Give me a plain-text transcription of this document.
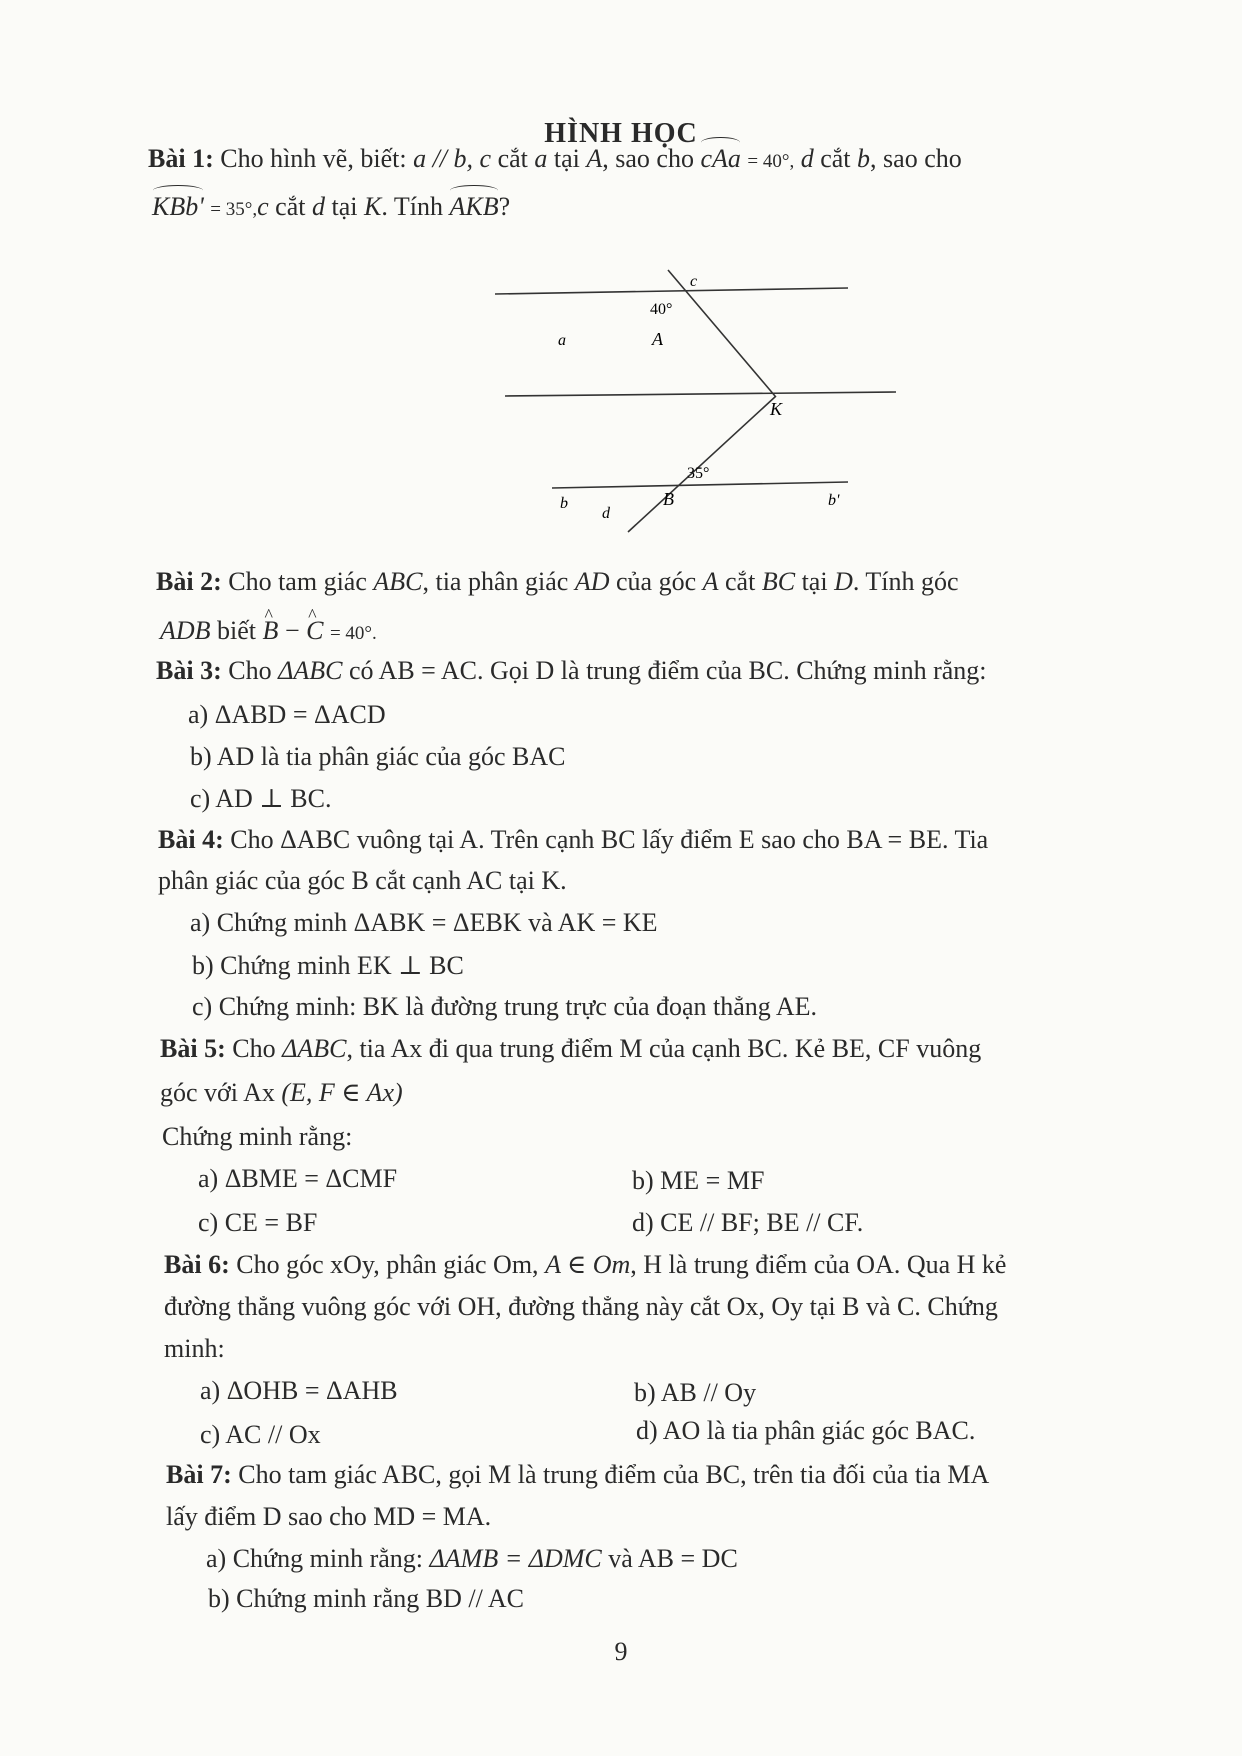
HÌNH HỌC
Bài 1: Cho hình vẽ, biết: a // b, c cắt a tại A, sao cho cAa = 40°, d cắt b, sao cho
KBb' = 35°,c cắt d tại K. Tính AKB?
c
40°
a	A
K
35°
b
d
B	b'
Bài 2: Cho tam giác ABC, tia phân giác AD của góc A cắt BC tại D. Tính góc
ADB biết ^ B − ^ C = 40°.
Bài 3: Cho ΔABC có AB = AC. Gọi D là trung điểm của BC. Chứng minh rằng:
a) ΔABD = ΔACD
b) AD là tia phân giác của góc BAC
c) AD ⊥ BC.
Bài 4: Cho ΔABC vuông tại A. Trên cạnh BC lấy điểm E sao cho BA = BE. Tia
phân giác của góc B cắt cạnh AC tại K.
a) Chứng minh ΔABK = ΔEBK và AK = KE
b) Chứng minh EK ⊥ BC
c) Chứng minh: BK là đường trung trực của đoạn thẳng AE.
Bài 5: Cho ΔABC, tia Ax đi qua trung điểm M của cạnh BC. Kẻ BE, CF vuông
góc với Ax (E, F ∈ Ax)
Chứng minh rằng:
a) ΔBME = ΔCMF	b) ME = MF
c) CE = BF	d) CE // BF; BE // CF.
Bài 6: Cho góc xOy, phân giác Om, A ∈ Om, H là trung điểm của OA. Qua H kẻ
đường thẳng vuông góc với OH, đường thẳng này cắt Ox, Oy tại B và C. Chứng
minh:
a) ΔOHB = ΔAHB	b) AB // Oy
c) AC // Ox	d) AO là tia phân giác góc BAC.
Bài 7: Cho tam giác ABC, gọi M là trung điểm của BC, trên tia đối của tia MA
lấy điểm D sao cho MD = MA.
a) Chứng minh rằng: ΔAMB = ΔDMC và AB = DC
b) Chứng minh rằng BD // AC
9
